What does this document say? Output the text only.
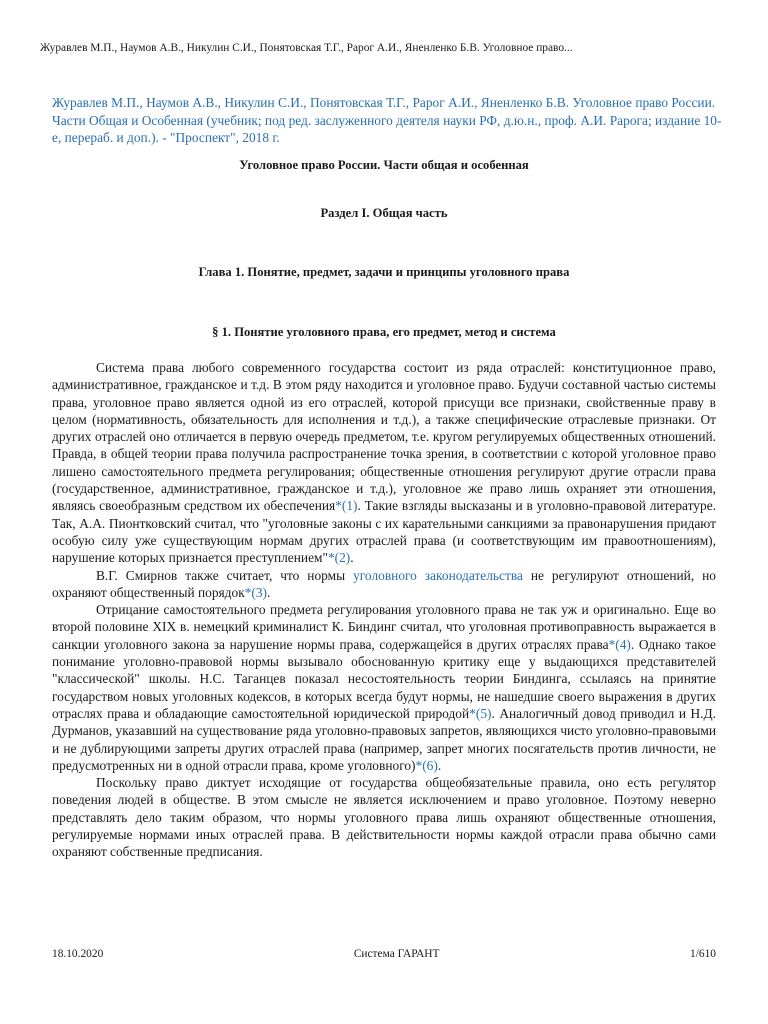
Журавлев М.П., Наумов А.В., Никулин С.И., Понятовская Т.Г., Рарог А.И., Яненленко Б.В. Уголовное право...
Журавлев М.П., Наумов А.В., Никулин С.И., Понятовская Т.Г., Рарог А.И., Яненленко Б.В. Уголовное право России. Части Общая и Особенная (учебник; под ред. заслуженного деятеля науки РФ, д.ю.н., проф. А.И. Рарога; издание 10-е, перераб. и доп.). - "Проспект", 2018 г.
Уголовное право России. Части общая и особенная
Раздел I. Общая часть
Глава 1. Понятие, предмет, задачи и принципы уголовного права
§ 1. Понятие уголовного права, его предмет, метод и система

Система права любого современного государства состоит из ряда отраслей: конституционное право, административное, гражданское и т.д. В этом ряду находится и уголовное право. Будучи составной частью системы права, уголовное право является одной из его отраслей, которой присущи все признаки, свойственные праву в целом (нормативность, обязательность для исполнения и т.д.), а также специфические отраслевые признаки. От других отраслей оно отличается в первую очередь предметом, т.е. кругом регулируемых общественных отношений. Правда, в общей теории права получила распространение точка зрения, в соответствии с которой уголовное право лишено самостоятельного предмета регулирования; общественные отношения регулируют другие отрасли права (государственное, административное, гражданское и т.д.), уголовное же право лишь охраняет эти отношения, являясь своеобразным средством их обеспечения*(1). Такие взгляды высказаны и в уголовно-правовой литературе. Так, А.А. Пионтковский считал, что "уголовные законы с их карательными санкциями за правонарушения придают особую силу уже существующим нормам других отраслей права (и соответствующим им правоотношениям), нарушение которых признается преступлением"*(2).

В.Г. Смирнов также считает, что нормы уголовного законодательства не регулируют отношений, но охраняют общественный порядок*(3).

Отрицание самостоятельного предмета регулирования уголовного права не так уж и оригинально. Еще во второй половине XIX в. немецкий криминалист К. Биндинг считал, что уголовная противоправность выражается в санкции уголовного закона за нарушение нормы права, содержащейся в других отраслях права*(4). Однако такое понимание уголовно-правовой нормы вызывало обоснованную критику еще у выдающихся представителей "классической" школы. Н.С. Таганцев показал несостоятельность теории Биндинга, ссылаясь на принятие государством новых уголовных кодексов, в которых всегда будут нормы, не нашедшие своего выражения в других отраслях права и обладающие самостоятельной юридической природой*(5). Аналогичный довод приводил и Н.Д. Дурманов, указавший на существование ряда уголовно-правовых запретов, являющихся чисто уголовно-правовыми и не дублирующими запреты других отраслей права (например, запрет многих посягательств против личности, не предусмотренных ни в одной отрасли права, кроме уголовного)*(6).

Поскольку право диктует исходящие от государства общеобязательные правила, оно есть регулятор поведения людей в обществе. В этом смысле не является исключением и право уголовное. Поэтому неверно представлять дело таким образом, что нормы уголовного права лишь охраняют общественные отношения, регулируемые нормами иных отраслей права. В действительности нормы каждой отрасли права обычно сами охраняют собственные предписания.

18.10.2020	Система ГАРАНТ	1/610
